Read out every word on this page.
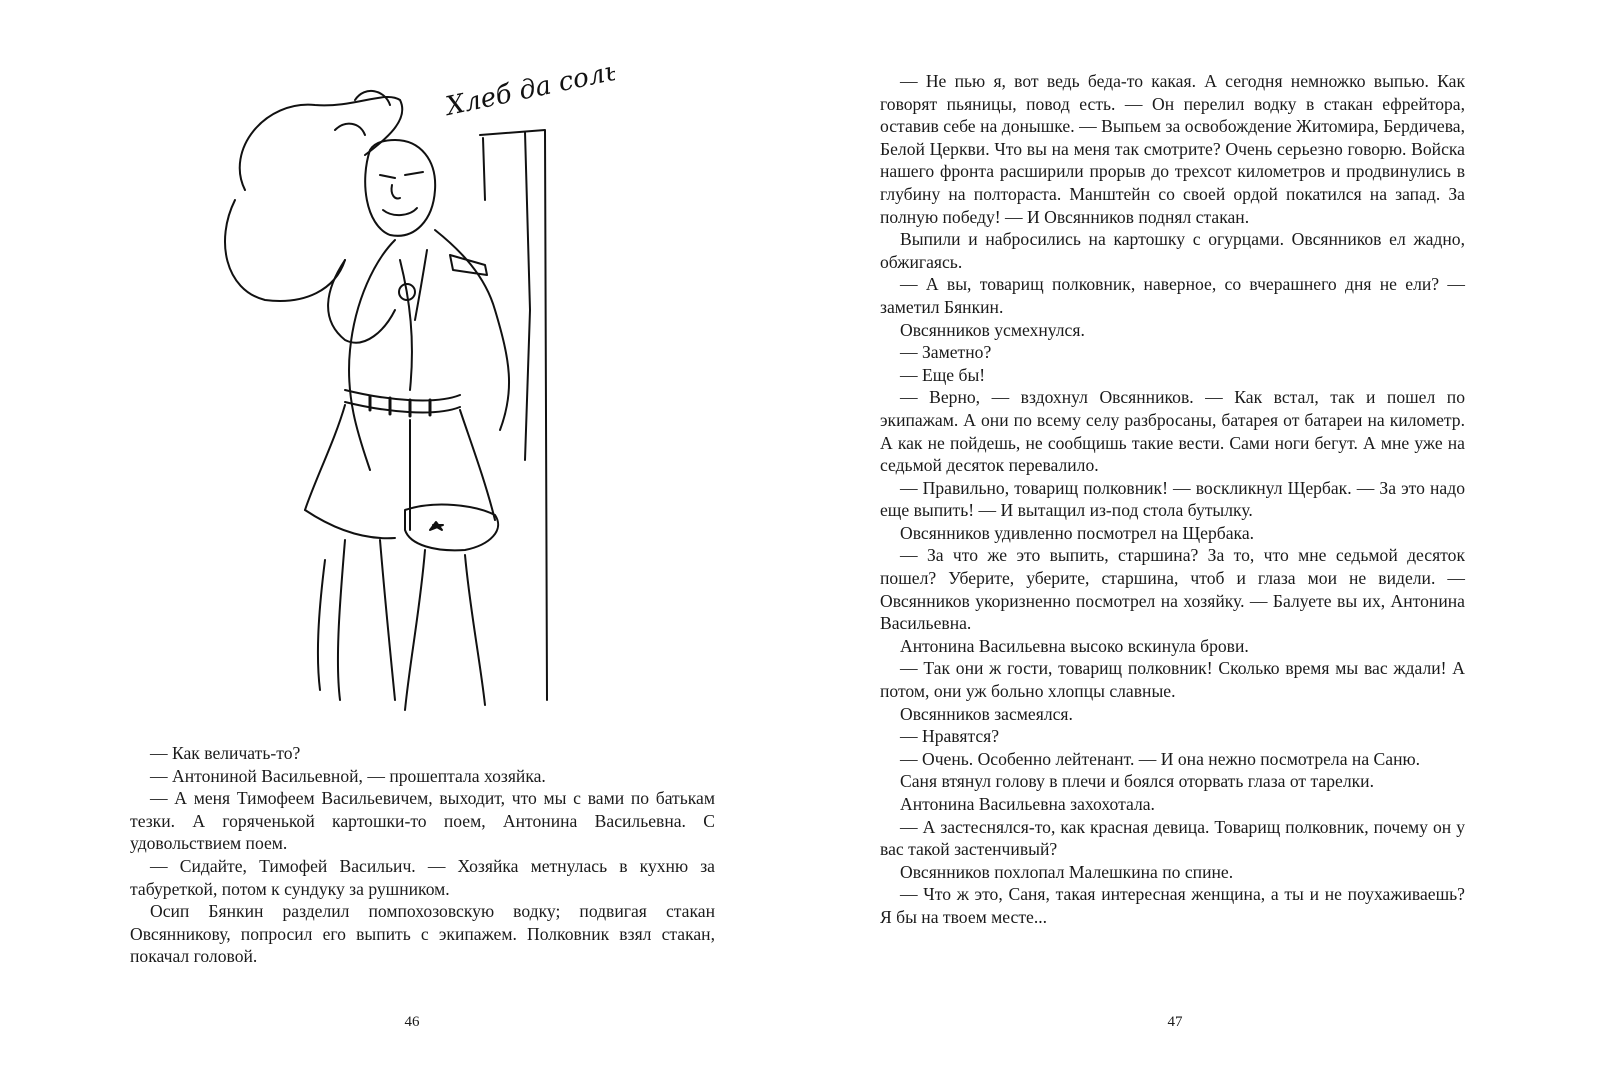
Хлеб да соль!

— Как величать-то?

— Антониной Васильевной, — прошептала хозяйка.

— А меня Тимофеем Васильевичем, выходит, что мы с вами по батькам тезки. А горяченькой картошки-то поем, Антонина Васильевна. С удовольствием поем.

— Сидайте, Тимофей Васильич. — Хозяйка метнулась в кухню за табуреткой, потом к сундуку за рушником.

Осип Бянкин разделил помпохозовскую водку; подвигая стакан Овсянникову, попросил его выпить с экипажем. Полковник взял стакан, покачал головой.

46

— Не пью я, вот ведь беда-то какая. А сегодня немножко выпью. Как говорят пьяницы, повод есть. — Он перелил водку в стакан ефрейтора, оставив себе на донышке. — Выпьем за освобождение Житомира, Бердичева, Белой Церкви. Что вы на меня так смотрите? Очень серьезно говорю. Войска нашего фронта расширили прорыв до трехсот километров и продвинулись в глубину на полтораста. Манштейн со своей ордой покатился на запад. За полную победу! — И Овсянников поднял стакан.

Выпили и набросились на картошку с огурцами. Овсянников ел жадно, обжигаясь.

— А вы, товарищ полковник, наверное, со вчерашнего дня не ели? — заметил Бянкин.

Овсянников усмехнулся.

— Заметно?

— Еще бы!

— Верно, — вздохнул Овсянников. — Как встал, так и пошел по экипажам. А они по всему селу разбросаны, батарея от батареи на километр. А как не пойдешь, не сообщишь такие вести. Сами ноги бегут. А мне уже на седьмой десяток перевалило.

— Правильно, товарищ полковник! — воскликнул Щербак. — За это надо еще выпить! — И вытащил из-под стола бутылку.

Овсянников удивленно посмотрел на Щербака.

— За что же это выпить, старшина? За то, что мне седьмой десяток пошел? Уберите, уберите, старшина, чтоб и глаза мои не видели. — Овсянников укоризненно посмотрел на хозяйку. — Балуете вы их, Антонина Васильевна.

Антонина Васильевна высоко вскинула брови.

— Так они ж гости, товарищ полковник! Сколько время мы вас ждали! А потом, они уж больно хлопцы славные.

Овсянников засмеялся.

— Нравятся?

— Очень. Особенно лейтенант. — И она нежно посмотрела на Саню.

Саня втянул голову в плечи и боялся оторвать глаза от тарелки.

Антонина Васильевна захохотала.

— А застеснялся-то, как красная девица. Товарищ полковник, почему он у вас такой застенчивый?

Овсянников похлопал Малешкина по спине.

— Что ж это, Саня, такая интересная женщина, а ты и не поухаживаешь? Я бы на твоем месте...

47
